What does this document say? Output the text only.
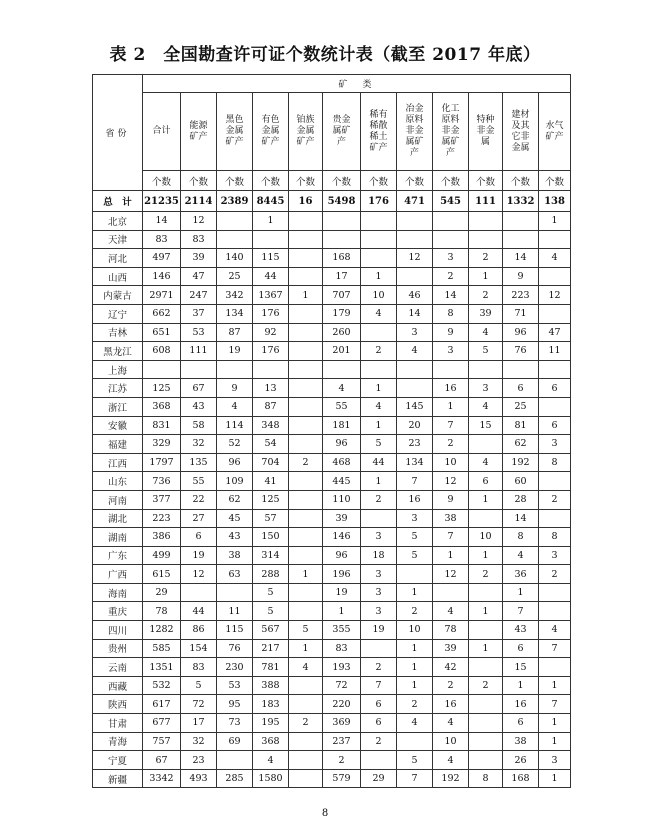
表 2　全国勘查许可证个数统计表（截至 2017 年底）
省份	矿　类											
	合计	能源矿产	黑色金属矿产	有色金属矿产	铂族金属矿产	贵金属矿产	稀有稀散稀土矿产	冶金原料非金属矿产	化工原料非金属矿产	特种非金属	建材及其它非金属	水气矿产
	个数	个数	个数	个数	个数	个数	个数	个数	个数	个数	个数	个数
总　计	21235	2114	2389	8445	16	5498	176	471	545	111	1332	138
北京	14	12		1								1
天津	83	83										
河北	497	39	140	115		168		12	3	2	14	4
山西	146	47	25	44		17	1		2	1	9	
内蒙古	2971	247	342	1367	1	707	10	46	14	2	223	12
辽宁	662	37	134	176		179	4	14	8	39	71	
吉林	651	53	87	92		260		3	9	4	96	47
黑龙江	608	111	19	176		201	2	4	3	5	76	11
上海												
江苏	125	67	9	13		4	1		16	3	6	6
浙江	368	43	4	87		55	4	145	1	4	25	
安徽	831	58	114	348		181	1	20	7	15	81	6
福建	329	32	52	54		96	5	23	2		62	3
江西	1797	135	96	704	2	468	44	134	10	4	192	8
山东	736	55	109	41		445	1	7	12	6	60	
河南	377	22	62	125		110	2	16	9	1	28	2
湖北	223	27	45	57		39		3	38		14	
湖南	386	6	43	150		146	3	5	7	10	8	8
广东	499	19	38	314		96	18	5	1	1	4	3
广西	615	12	63	288	1	196	3		12	2	36	2
海南	29			5		19	3	1			1	
重庆	78	44	11	5		1	3	2	4	1	7	
四川	1282	86	115	567	5	355	19	10	78		43	4
贵州	585	154	76	217	1	83		1	39	1	6	7
云南	1351	83	230	781	4	193	2	1	42		15	
西藏	532	5	53	388		72	7	1	2	2	1	1
陕西	617	72	95	183		220	6	2	16		16	7
甘肃	677	17	73	195	2	369	6	4	4		6	1
青海	757	32	69	368		237	2		10		38	1
宁夏	67	23		4		2		5	4		26	3
新疆	3342	493	285	1580		579	29	7	192	8	168	1
8
